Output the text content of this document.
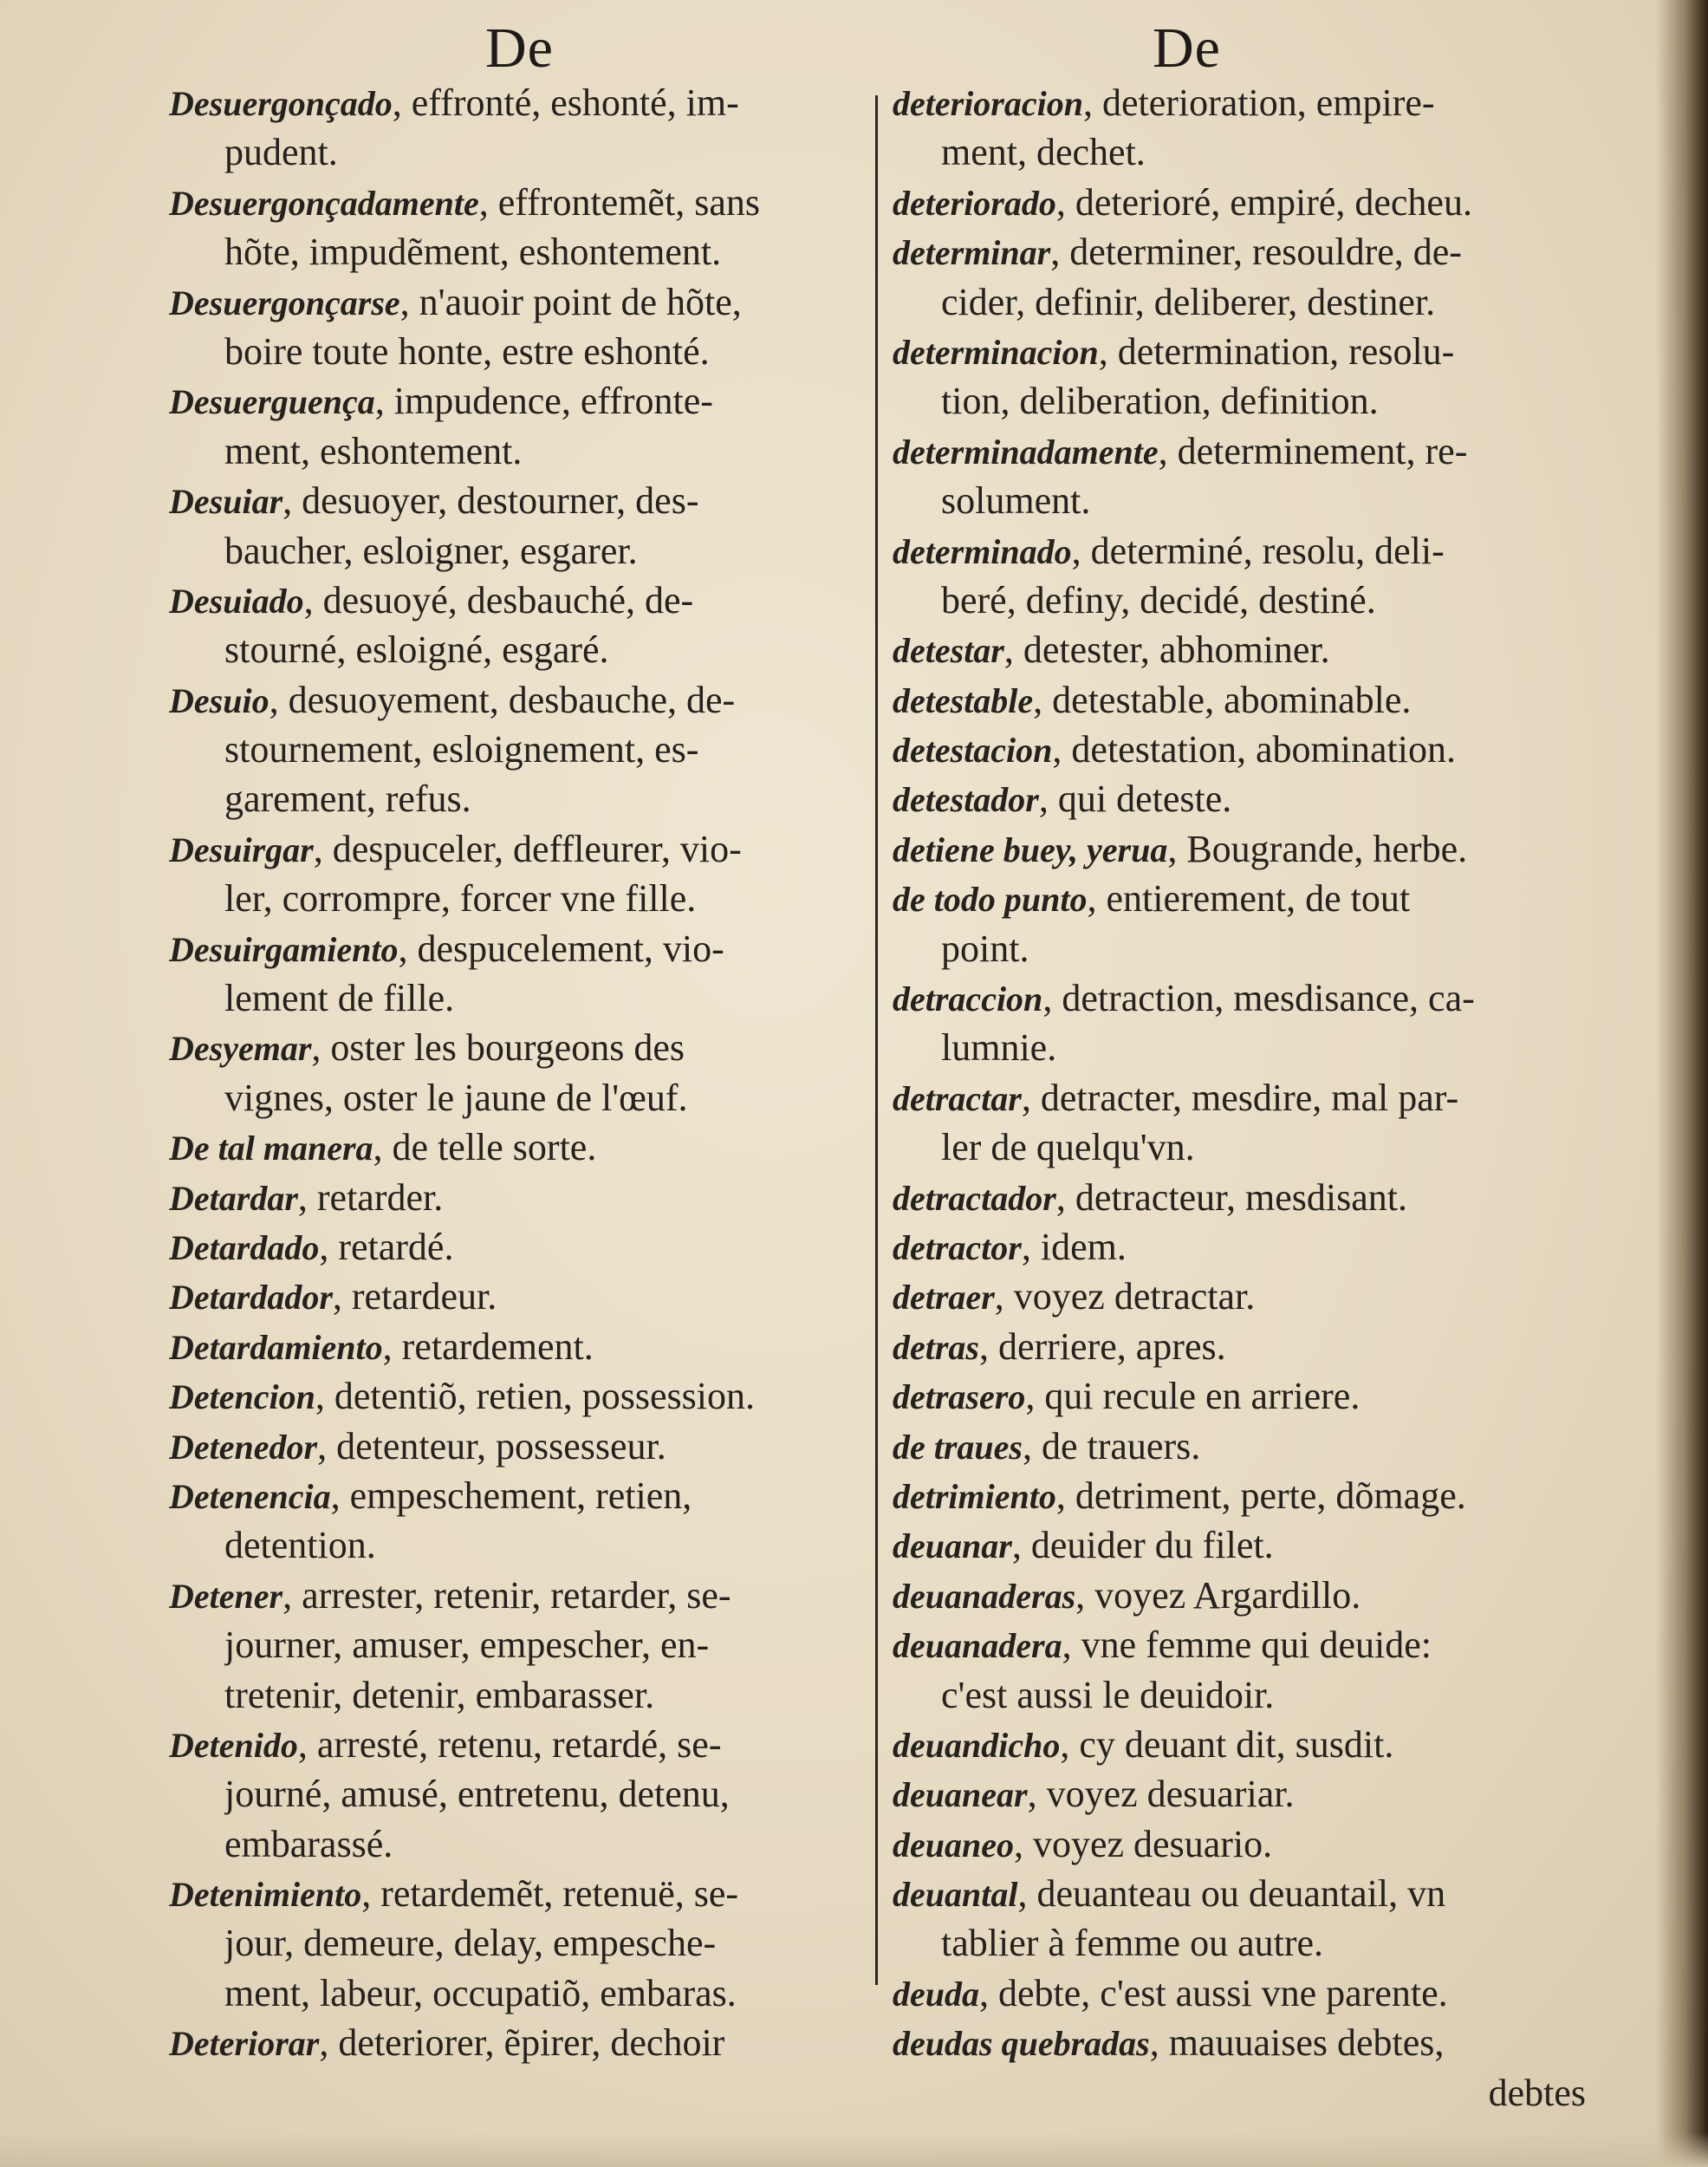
De	De
Desuergonçado, effronté, eshonté, im-
pudent.
Desuergonçadamente, effrontemẽt, sans
hõte, impudẽment, eshontement.
Desuergonçarse, n'auoir point de hõte,
boire toute honte, estre eshonté.
Desuerguença, impudence, effronte-
ment, eshontement.
Desuiar, desuoyer, destourner, des-
baucher, esloigner, esgarer.
Desuiado, desuoyé, desbauché, de-
stourné, esloigné, esgaré.
Desuio, desuoyement, desbauche, de-
stournement, esloignement, es-
garement, refus.
Desuirgar, despuceler, deffleurer, vio-
ler, corrompre, forcer vne fille.
Desuirgamiento, despucelement, vio-
lement de fille.
Desyemar, oster les bourgeons des
vignes, oster le jaune de l'œuf.
De tal manera, de telle sorte.
Detardar, retarder.
Detardado, retardé.
Detardador, retardeur.
Detardamiento, retardement.
Detencion, detentiõ, retien, possession.
Detenedor, detenteur, possesseur.
Detenencia, empeschement, retien,
detention.
Detener, arrester, retenir, retarder, se-
journer, amuser, empescher, en-
tretenir, detenir, embarasser.
Detenido, arresté, retenu, retardé, se-
journé, amusé, entretenu, detenu,
embarassé.
Detenimiento, retardemẽt, retenuë, se-
jour, demeure, delay, empesche-
ment, labeur, occupatiõ, embaras.
Deteriorar, deteriorer, ẽpirer, dechoir
deterioracion, deterioration, empire-
ment, dechet.
deteriorado, deterioré, empiré, decheu.
determinar, determiner, resouldre, de-
cider, definir, deliberer, destiner.
determinacion, determination, resolu-
tion, deliberation, definition.
determinadamente, determinement, re-
solument.
determinado, determiné, resolu, deli-
beré, definy, decidé, destiné.
detestar, detester, abhominer.
detestable, detestable, abominable.
detestacion, detestation, abomination.
detestador, qui deteste.
detiene buey, yerua, Bougrande, herbe.
de todo punto, entierement, de tout
point.
detraccion, detraction, mesdisance, ca-
lumnie.
detractar, detracter, mesdire, mal par-
ler de quelqu'vn.
detractador, detracteur, mesdisant.
detractor, idem.
detraer, voyez detractar.
detras, derriere, apres.
detrasero, qui recule en arriere.
de traues, de trauers.
detrimiento, detriment, perte, dõmage.
deuanar, deuider du filet.
deuanaderas, voyez Argardillo.
deuanadera, vne femme qui deuide:
c'est aussi le deuidoir.
deuandicho, cy deuant dit, susdit.
deuanear, voyez desuariar.
deuaneo, voyez desuario.
deuantal, deuanteau ou deuantail, vn
tablier à femme ou autre.
deuda, debte, c'est aussi vne parente.
deudas quebradas, mauuaises debtes,
debtes
